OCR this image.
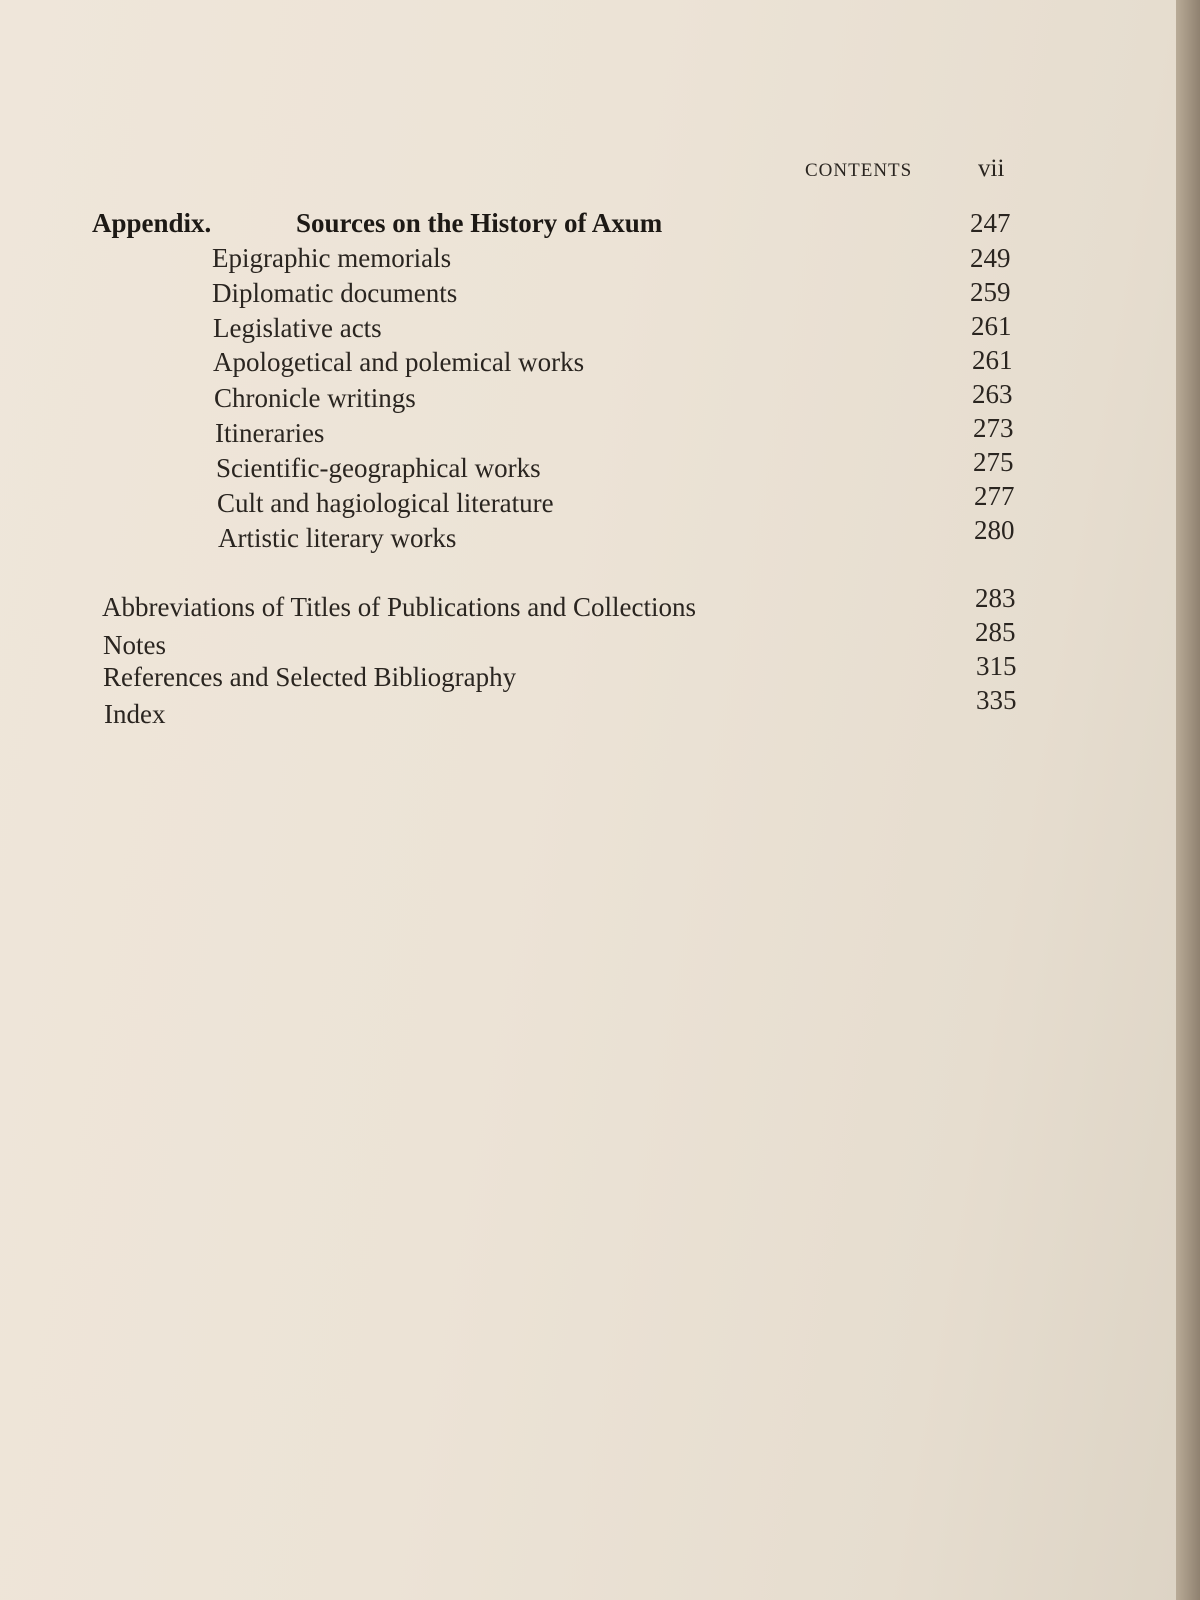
CONTENTS	vii
Appendix.	Sources on the History of Axum	247
Epigraphic memorials	249
Diplomatic documents	259
Legislative acts	261
Apologetical and polemical works	261
Chronicle writings	263
Itineraries	273
Scientific-geographical works	275
Cult and hagiological literature	277
Artistic literary works	280
Abbreviations of Titles of Publications and Collections	283
Notes	285
References and Selected Bibliography	315
Index	335
